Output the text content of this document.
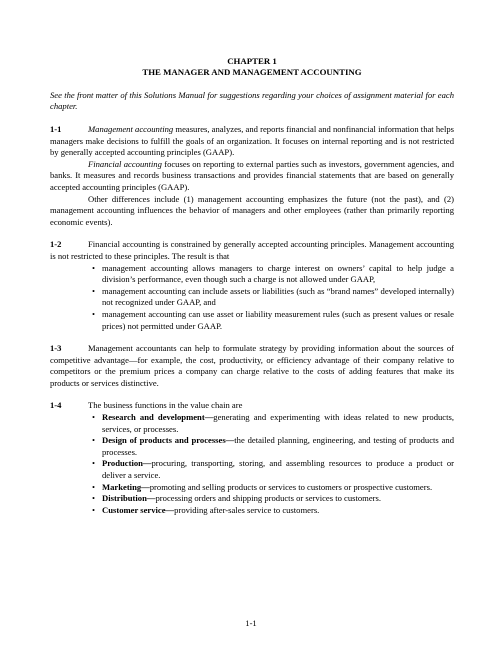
CHAPTER 1
THE MANAGER AND MANAGEMENT ACCOUNTING

See the front matter of this Solutions Manual for suggestions regarding your choices of assignment material for each chapter.

1-1	Management accounting measures, analyzes, and reports financial and nonfinancial information that helps managers make decisions to fulfill the goals of an organization. It focuses on internal reporting and is not restricted by generally accepted accounting principles (GAAP).

Financial accounting focuses on reporting to external parties such as investors, government agencies, and banks. It measures and records business transactions and provides financial statements that are based on generally accepted accounting principles (GAAP).

Other differences include (1) management accounting emphasizes the future (not the past), and (2) management accounting influences the behavior of managers and other employees (rather than primarily reporting economic events).

1-2	Financial accounting is constrained by generally accepted accounting principles. Management accounting is not restricted to these principles. The result is that

• management accounting allows managers to charge interest on owners’ capital to help judge a division’s performance, even though such a charge is not allowed under GAAP,
• management accounting can include assets or liabilities (such as “brand names” developed internally) not recognized under GAAP, and
• management accounting can use asset or liability measurement rules (such as present values or resale prices) not permitted under GAAP.

1-3	Management accountants can help to formulate strategy by providing information about the sources of competitive advantage—for example, the cost, productivity, or efficiency advantage of their company relative to competitors or the premium prices a company can charge relative to the costs of adding features that make its products or services distinctive.

1-4	The business functions in the value chain are

• Research and development—generating and experimenting with ideas related to new products, services, or processes.
• Design of products and processes—the detailed planning, engineering, and testing of products and processes.
• Production—procuring, transporting, storing, and assembling resources to produce a product or deliver a service.
• Marketing—promoting and selling products or services to customers or prospective customers.
• Distribution—processing orders and shipping products or services to customers.
• Customer service—providing after-sales service to customers.
1-1
